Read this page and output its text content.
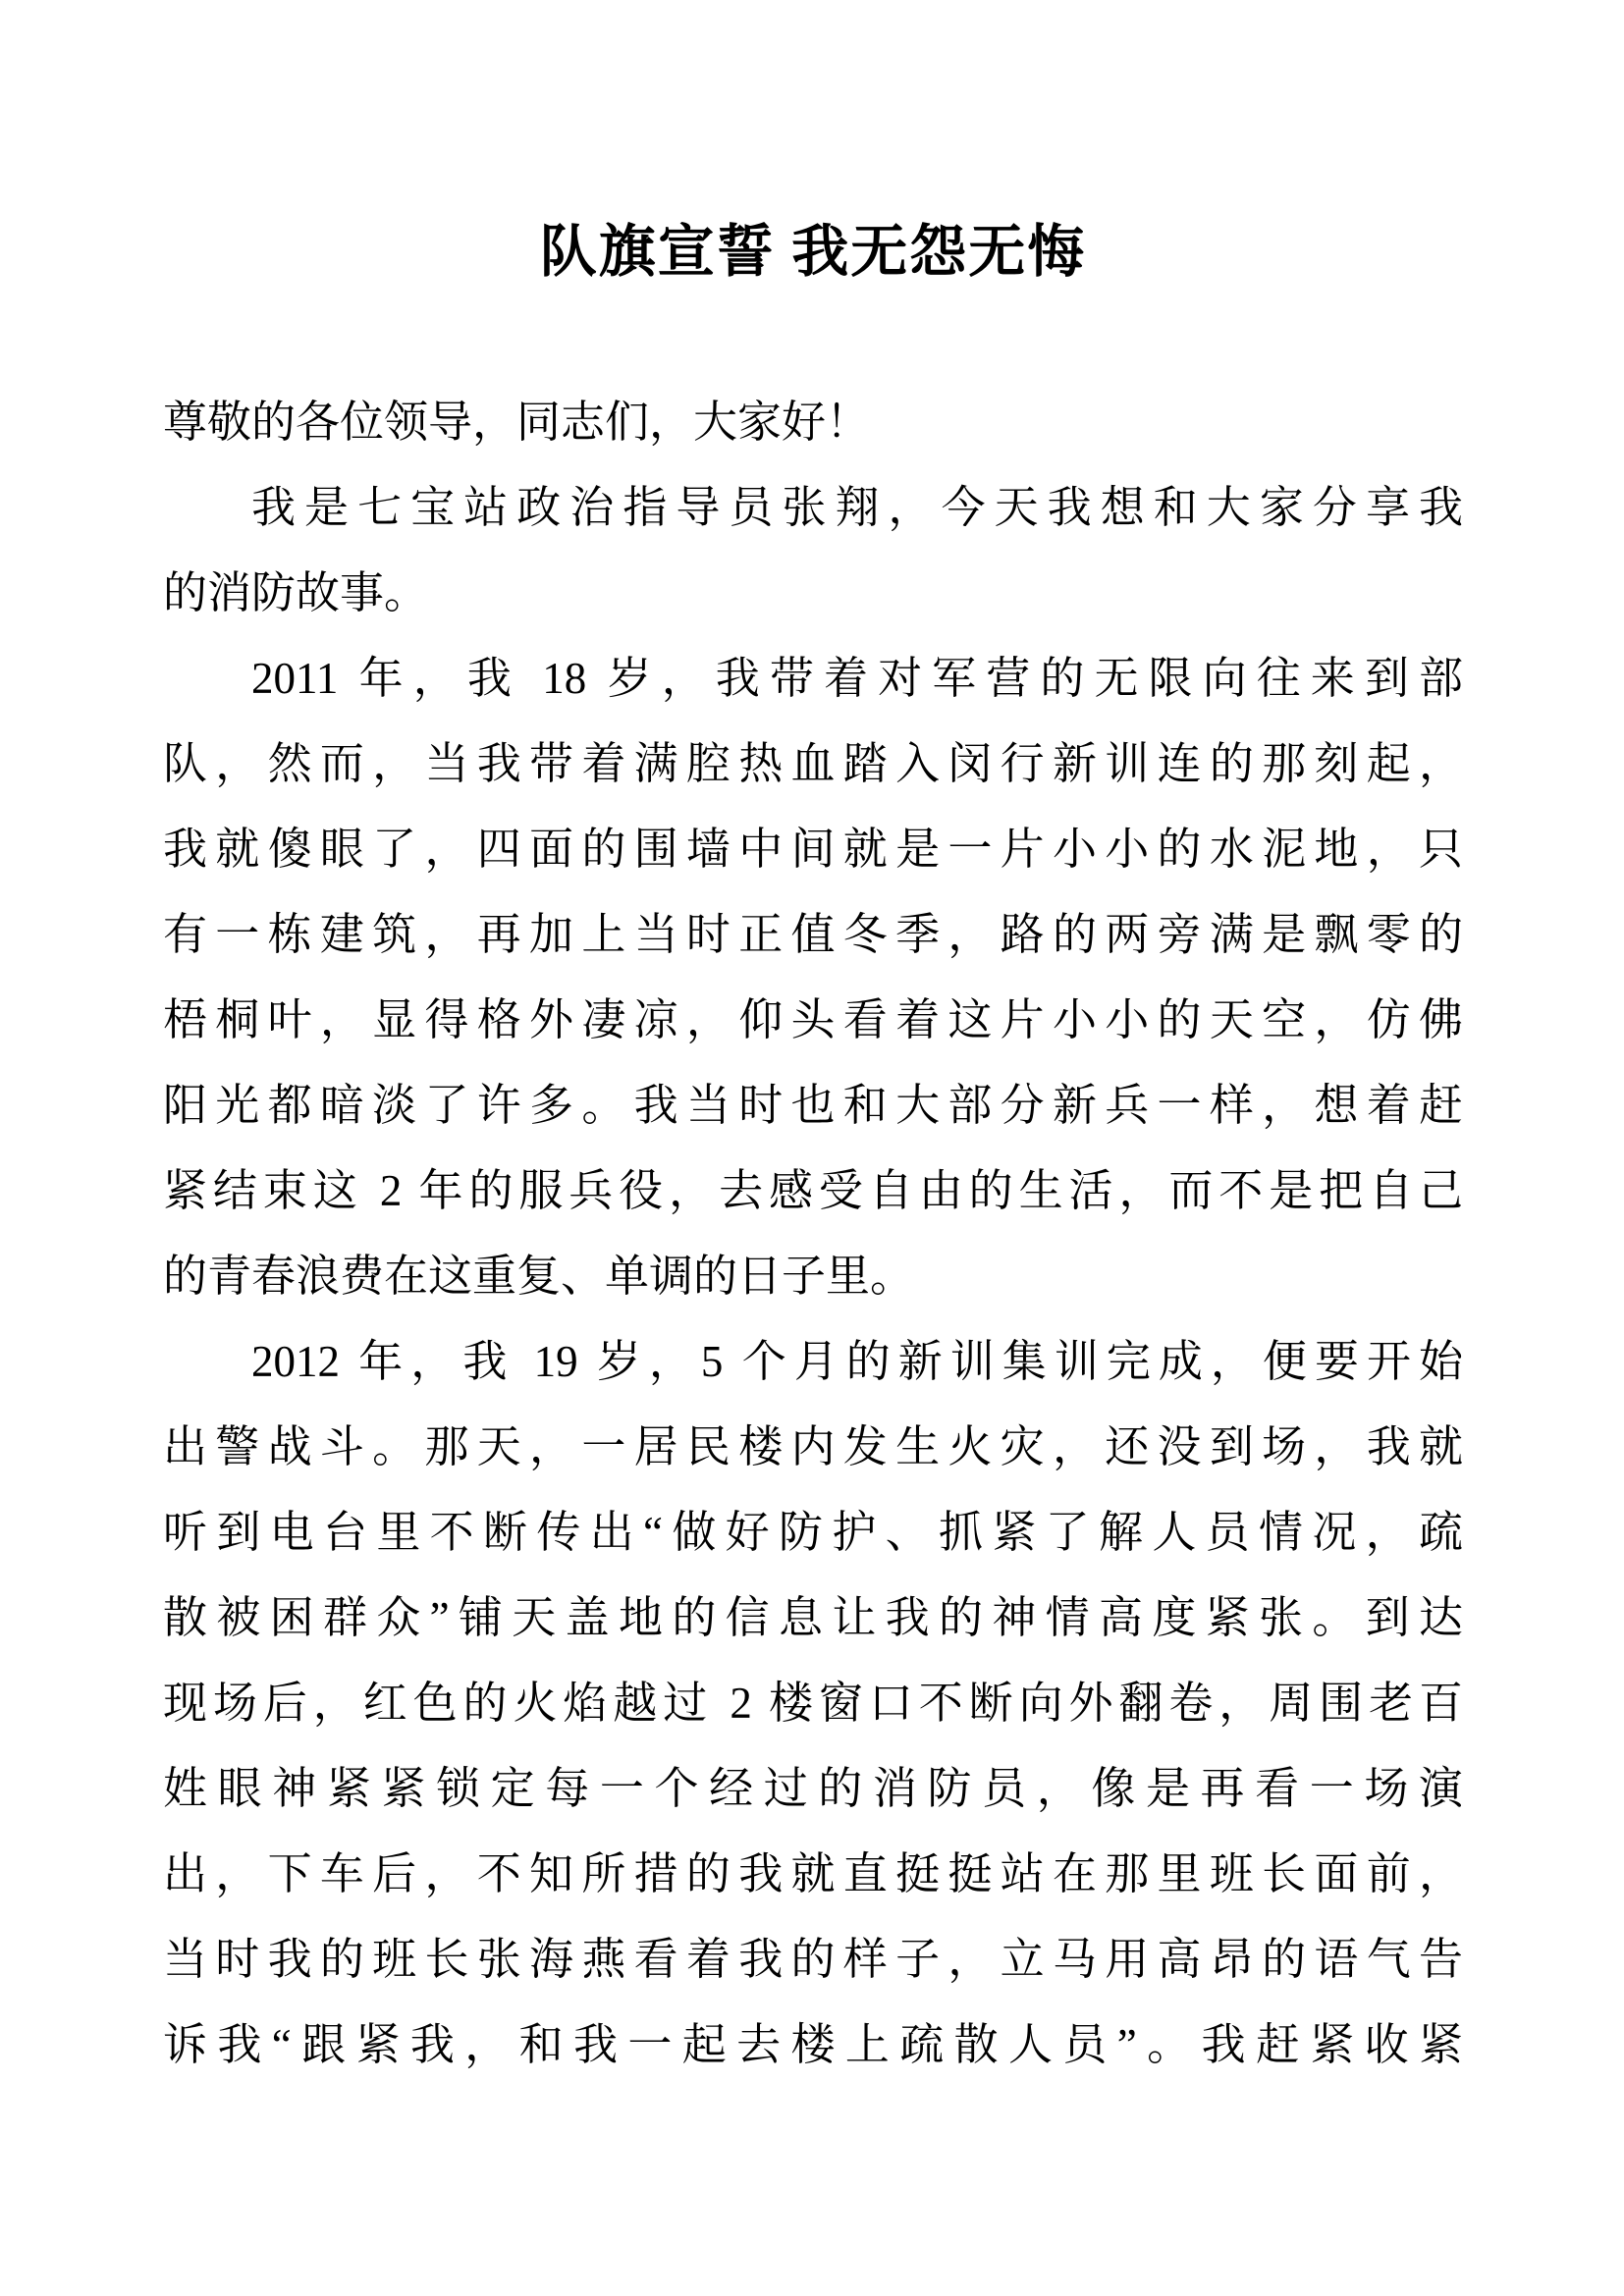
队旗宣誓 我无怨无悔
尊敬的各位领导，同志们，大家好！
我是七宝站政治指导员张翔，今天我想和大家分享我
的消防故事。
2011 年，我 18 岁，我带着对军营的无限向往来到部
队，然而，当我带着满腔热血踏入闵行新训连的那刻起，
我就傻眼了，四面的围墙中间就是一片小小的水泥地，只
有一栋建筑，再加上当时正值冬季，路的两旁满是飘零的
梧桐叶，显得格外凄凉，仰头看着这片小小的天空，仿佛
阳光都暗淡了许多。我当时也和大部分新兵一样，想着赶
紧结束这 2 年的服兵役，去感受自由的生活，而不是把自己
的青春浪费在这重复、单调的日子里。
2012 年，我 19 岁，5 个月的新训集训完成，便要开始
出警战斗。那天，一居民楼内发生火灾，还没到场，我就
听到电台里不断传出“做好防护、抓紧了解人员情况，疏
散被困群众”铺天盖地的信息让我的神情高度紧张。到达
现场后，红色的火焰越过 2 楼窗口不断向外翻卷，周围老百
姓眼神紧紧锁定每一个经过的消防员，像是再看一场演
出，下车后，不知所措的我就直挺挺站在那里班长面前，
当时我的班长张海燕看着我的样子，立马用高昂的语气告
诉我“跟紧我，和我一起去楼上疏散人员”。我赶紧收紧
